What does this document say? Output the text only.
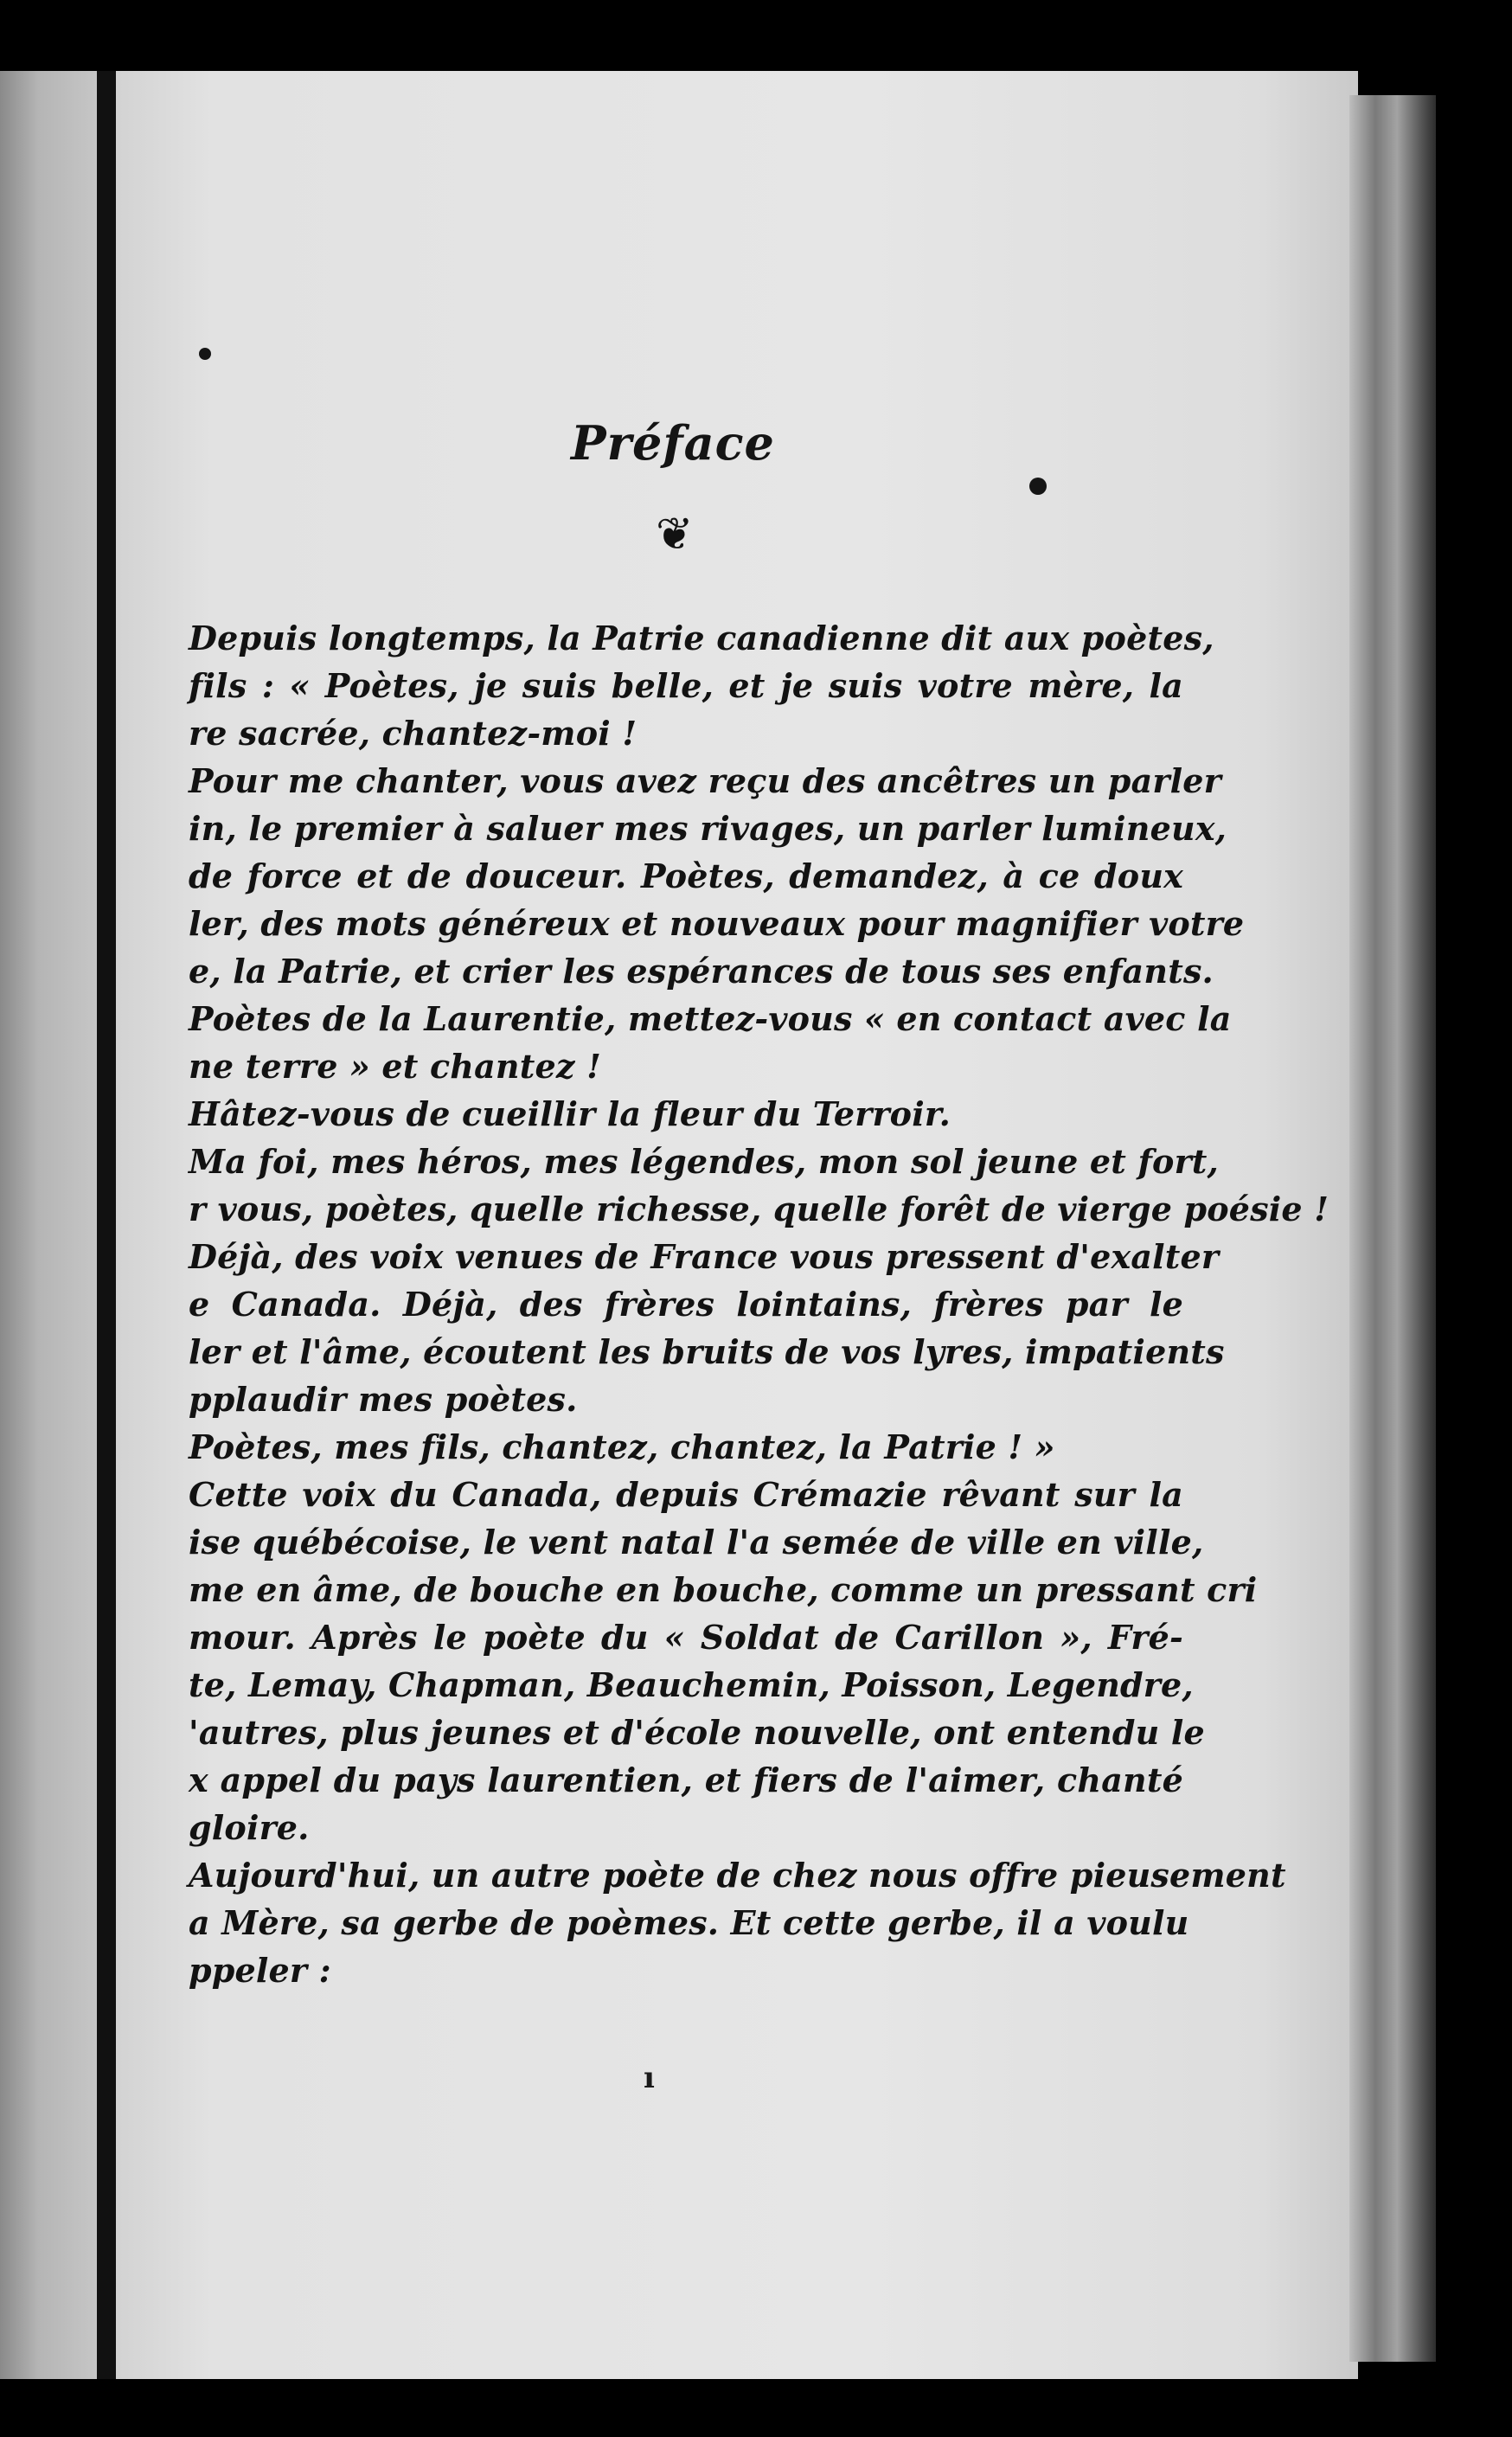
Préface
❦
Depuis longtemps, la Patrie canadienne dit aux poètes,
fils : « Poètes, je suis belle, et je suis votre mère, la
re sacrée, chantez-moi !
Pour me chanter, vous avez reçu des ancêtres un parler
in, le premier à saluer mes rivages, un parler lumineux,
de force et de douceur. Poètes, demandez, à ce doux
ler, des mots généreux et nouveaux pour magnifier votre
e, la Patrie, et crier les espérances de tous ses enfants.
Poètes de la Laurentie, mettez-vous « en contact avec la
ne terre » et chantez !
Hâtez-vous de cueillir la fleur du Terroir.
Ma foi, mes héros, mes légendes, mon sol jeune et fort,
r vous, poètes, quelle richesse, quelle forêt de vierge poésie !
Déjà, des voix venues de France vous pressent d'exalter
e Canada. Déjà, des frères lointains, frères par le
ler et l'âme, écoutent les bruits de vos lyres, impatients
pplaudir mes poètes.
Poètes, mes fils, chantez, chantez, la Patrie ! »
Cette voix du Canada, depuis Crémazie rêvant sur la
ise québécoise, le vent natal l'a semée de ville en ville,
me en âme, de bouche en bouche, comme un pressant cri
mour. Après le poète du « Soldat de Carillon », Fré-
te, Lemay, Chapman, Beauchemin, Poisson, Legendre,
'autres, plus jeunes et d'école nouvelle, ont entendu le
x appel du pays laurentien, et fiers de l'aimer, chanté
gloire.
Aujourd'hui, un autre poète de chez nous offre pieusement
a Mère, sa gerbe de poèmes. Et cette gerbe, il a voulu
ppeler :
ı
